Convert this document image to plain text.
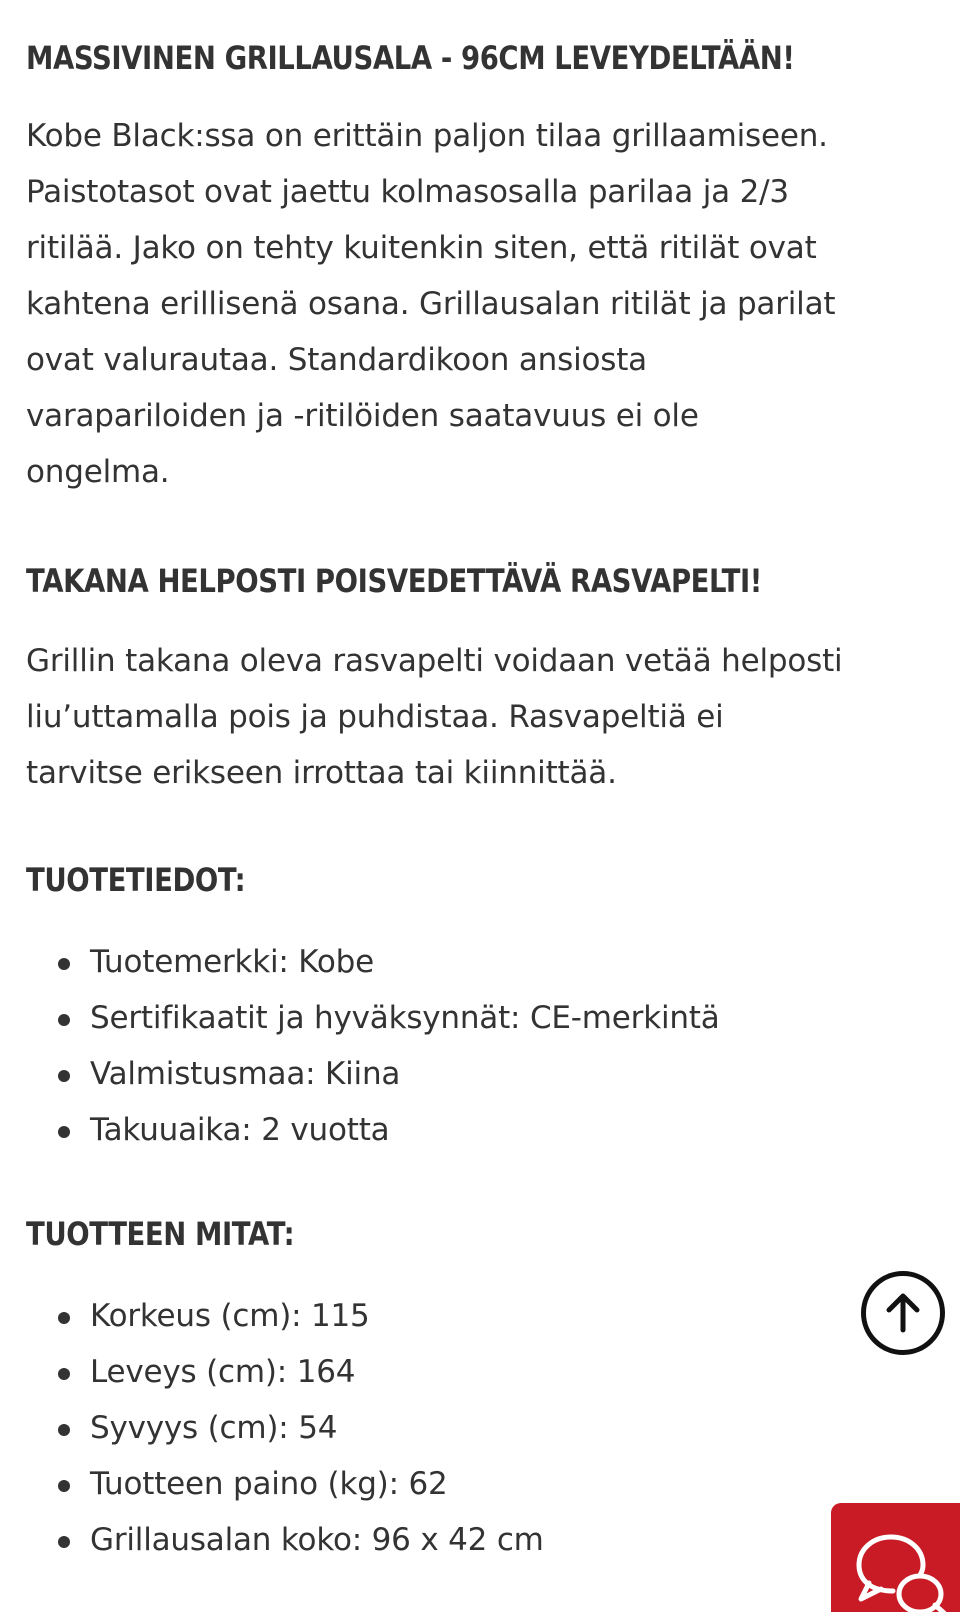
MASSIVINEN GRILLAUSALA - 96CM LEVEYDELTÄÄN!

Kobe Black:ssa on erittäin paljon tilaa grillaamiseen.
Paistotasot ovat jaettu kolmasosalla parilaa ja 2/3
ritilää. Jako on tehty kuitenkin siten, että ritilät ovat
kahtena erillisenä osana. Grillausalan ritilät ja parilat
ovat valurautaa. Standardikoon ansiosta
varapariloiden ja -ritilöiden saatavuus ei ole
ongelma.

TAKANA HELPOSTI POISVEDETTÄVÄ RASVAPELTI!

Grillin takana oleva rasvapelti voidaan vetää helposti
liu’uttamalla pois ja puhdistaa. Rasvapeltiä ei
tarvitse erikseen irrottaa tai kiinnittää.

TUOTETIEDOT:
Tuotemerkki: Kobe
Sertifikaatit ja hyväksynnät: CE-merkintä
Valmistusmaa: Kiina
Takuuaika: 2 vuotta
TUOTTEEN MITAT:
Korkeus (cm): 115
Leveys (cm): 164
Syvyys (cm): 54
Tuotteen paino (kg): 62
Grillausalan koko: 96 x 42 cm
